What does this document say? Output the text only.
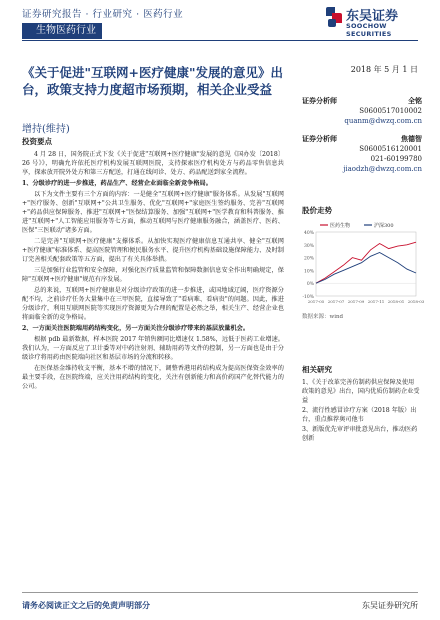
证券研究报告 · 行业研究 · 医药行业
生物医药行业
东吴证券
SOOCHOW SECURITIES
《关于促进"互联网+医疗健康"发展的意见》出台，政策支持力度超市场预期，相关企业受益
增持(维持)
投资要点
2018 年 5 月 1 日
证券分析师	全铭
S0600517010002
quanm@dwzq.com.cn
证券分析师	焦德智
S0600516120001
021-60199780
jiaodzh@dwzq.com.cn

4 月 28 日，国务院正式下发《关于促进"互联网+医疗健康"发展的意见《国办发〔2018〕26 号》》，明确允许依托医疗机构发展互联网医院，支持探索医疗机构处方与药品零售信息共享，探索放开院外处方和第三方配送，打通在线问诊、处方、药品配送到家全流程。

1、分级诊疗的进一步推进，药品生产、经营企业面临全新竞争格局。

以下为文件主要有三个方面的内容：一是健全"互联网+医疗健康"服务体系。从发展"互联网+"医疗服务、创新"互联网+"公共卫生服务、优化"互联网+"家庭医生签约服务、完善"互联网+"药品供应保障服务、推进"互联网+"医保结算服务、加强"互联网+"医学教育和科普服务、推进"互联网+"人工智能应用服务等七方面，推动互联网与医疗健康服务融合，涵盖医疗、医药、医保"三医联动"诸多方面。

二是完善"互联网+医疗健康"支撑体系。从加快实现医疗健康信息互通共享、健全"互联网+医疗健康"标准体系、提高医院管理和便民服务水平、提升医疗机构基础设施保障能力、及时制订完善相关配套政策等五方面，提出了有关具体举措。

三是加强行业监管和安全保障，对强化医疗质量监管和保障数据信息安全作出明确规定，保障"互联网+医疗健康"规范有序发展。

总的来说，互联网+医疗健康是对分级诊疗政策的进一步推进，或国地域辽阔，医疗资源分配不均，之前诊疗任务大量集中在三甲医院，直接导致了"看病难、看病贵"的问题。因此，推进分级诊疗，利用互联网医院等实现医疗资源更为合理的配置是必然之举，相关生产、经营企业也将面临全新的竞争格局。

2、一方面关注医院端用药结构变化，另一方面关注分级诊疗带来的基层放量机会。

根据 pdb 最新数据，样本医院 2017 年销售额同比增速仅 1.58%，远低于医药工业增速。我们认为，一方面反应了卫计委等对中药注射剂、辅助用药等文件的控制，另一方面也是由于分级诊疗将用药由医院端向社区和基层市场的分流和转移。

在医保基金维持收支平衡，基本不增的情况下，调整香港用药结构成为提高医保资金效率的最主要手段，在医院终端，应关注用药结构的变化，关注有创新能力和高价药国产化替代能力的公司。

股价走势
-10%
0%
10%
20%
30%
40%
2017-05 2017-07 2017-09 2017-11 2018-01 2018-03
医药生物	沪深300
数据来源：wind
相关研究
1、《关于改革完善仿制药供应保障及使用政策的意见》出台，国内优质仿制药企业受益
2、流行性感冒诊疗方案（2018 年版）出台，重点推荐奥司他韦
3、新版优先审评审批意见出台，推动医药创新
请务必阅读正文之后的免责声明部分	东吴证券研究所
